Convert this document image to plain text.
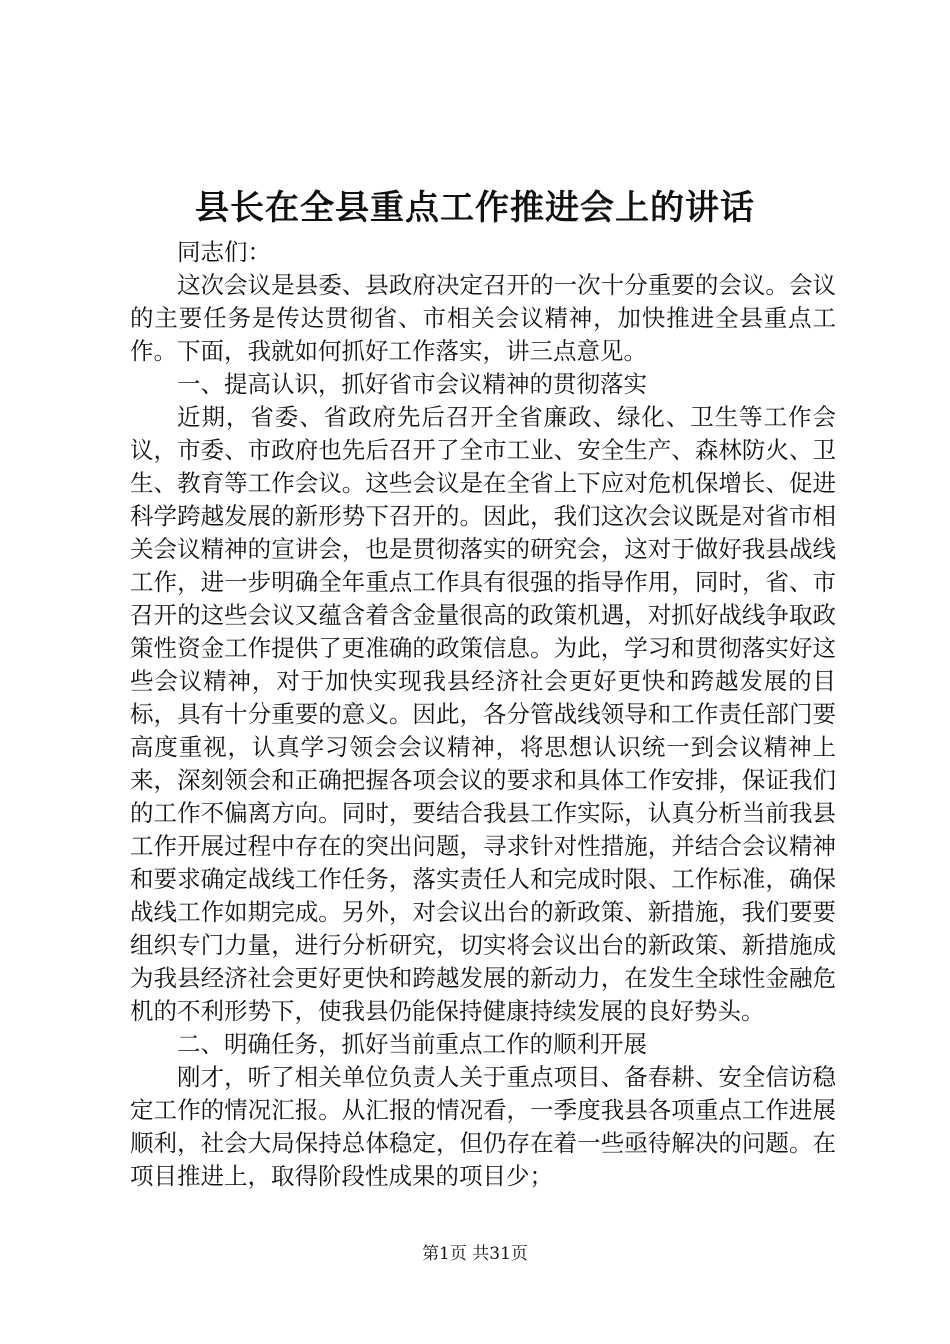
县长在全县重点工作推进会上的讲话

同志们：

这次会议是县委、县政府决定召开的一次十分重要的会议。会议的主要任务是传达贯彻省、市相关会议精神，加快推进全县重点工作。下面，我就如何抓好工作落实，讲三点意见。

一、提高认识，抓好省市会议精神的贯彻落实

近期，省委、省政府先后召开全省廉政、绿化、卫生等工作会议，市委、市政府也先后召开了全市工业、安全生产、森林防火、卫生、教育等工作会议。这些会议是在全省上下应对危机保增长、促进科学跨越发展的新形势下召开的。因此，我们这次会议既是对省市相关会议精神的宣讲会，也是贯彻落实的研究会，这对于做好我县战线工作，进一步明确全年重点工作具有很强的指导作用，同时，省、市召开的这些会议又蕴含着含金量很高的政策机遇，对抓好战线争取政策性资金工作提供了更准确的政策信息。为此，学习和贯彻落实好这些会议精神，对于加快实现我县经济社会更好更快和跨越发展的目标，具有十分重要的意义。因此，各分管战线领导和工作责任部门要高度重视，认真学习领会会议精神，将思想认识统一到会议精神上来，深刻领会和正确把握各项会议的要求和具体工作安排，保证我们的工作不偏离方向。同时，要结合我县工作实际，认真分析当前我县工作开展过程中存在的突出问题，寻求针对性措施，并结合会议精神和要求确定战线工作任务，落实责任人和完成时限、工作标准，确保战线工作如期完成。另外，对会议出台的新政策、新措施，我们要要组织专门力量，进行分析研究，切实将会议出台的新政策、新措施成为我县经济社会更好更快和跨越发展的新动力，在发生全球性金融危机的不利形势下，使我县仍能保持健康持续发展的良好势头。

二、明确任务，抓好当前重点工作的顺利开展

刚才，听了相关单位负责人关于重点项目、备春耕、安全信访稳定工作的情况汇报。从汇报的情况看，一季度我县各项重点工作进展顺利，社会大局保持总体稳定，但仍存在着一些亟待解决的问题。在项目推进上，取得阶段性成果的项目少；

第1页 共31页
